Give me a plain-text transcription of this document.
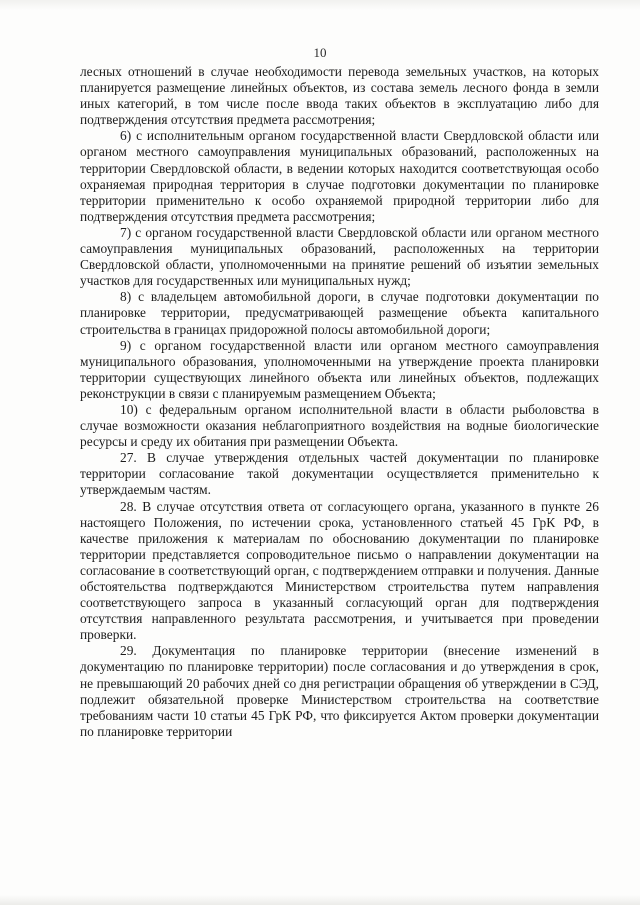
10

лесных отношений в случае необходимости перевода земельных участков, на которых планируется размещение линейных объектов, из состава земель лесного фонда в земли иных категорий, в том числе после ввода таких объектов в эксплуатацию либо для подтверждения отсутствия предмета рассмотрения;

6) с исполнительным органом государственной власти Свердловской области или органом местного самоуправления муниципальных образований, расположенных на территории Свердловской области, в ведении которых находится соответствующая особо охраняемая природная территория в случае подготовки документации по планировке территории применительно к особо охраняемой природной территории либо для подтверждения отсутствия предмета рассмотрения;

7) с органом государственной власти Свердловской области или органом местного самоуправления муниципальных образований, расположенных на территории Свердловской области, уполномоченными на принятие решений об изъятии земельных участков для государственных или муниципальных нужд;

8) с владельцем автомобильной дороги, в случае подготовки документации по планировке территории, предусматривающей размещение объекта капитального строительства в границах придорожной полосы автомобильной дороги;

9) с органом государственной власти или органом местного самоуправления муниципального образования, уполномоченными на утверждение проекта планировки территории существующих линейного объекта или линейных объектов, подлежащих реконструкции в связи с планируемым размещением Объекта;

10) с федеральным органом исполнительной власти в области рыболовства в случае возможности оказания неблагоприятного воздействия на водные биологические ресурсы и среду их обитания при размещении Объекта.

27. В случае утверждения отдельных частей документации по планировке территории согласование такой документации осуществляется применительно к утверждаемым частям.

28. В случае отсутствия ответа от согласующего органа, указанного в пункте 26 настоящего Положения, по истечении срока, установленного статьей 45 ГрК РФ, в качестве приложения к материалам по обоснованию документации по планировке территории представляется сопроводительное письмо о направлении документации на согласование в соответствующий орган, с подтверждением отправки и получения. Данные обстоятельства подтверждаются Министерством строительства путем направления соответствующего запроса в указанный согласующий орган для подтверждения отсутствия направленного результата рассмотрения, и учитывается при проведении проверки.

29. Документация по планировке территории (внесение изменений в документацию по планировке территории) после согласования и до утверждения в срок, не превышающий 20 рабочих дней со дня регистрации обращения об утверждении в СЭД, подлежит обязательной проверке Министерством строительства на соответствие требованиям части 10 статьи 45 ГрК РФ, что фиксируется Актом проверки документации по планировке территории
